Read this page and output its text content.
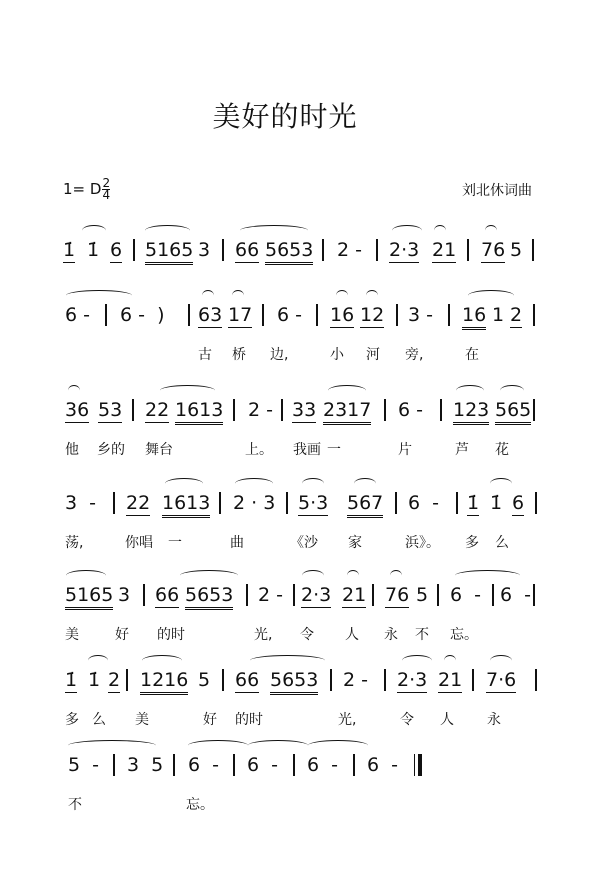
美好的时光
1= D $\frac{2}{4}$	刘北休词曲
1̇ 1̇ 6 5165 3 66 5653 2 - 2·3 21 76 5
6 - 6 -  ) 63 17 6 - 16 12 3 - 16 1 2
古 桥 边,	小 河 旁,	在
36 53 22 1613 2 - 33 2317 6 - 123 565
他 乡的 舞台	上。 我画 一	片	芦 花
3  - 22 1613 2 · 3 5·3 567 6  - 1̇ 1̇ 6
荡,	你唱 一	曲	《沙 家	浜》。 多 么
5165 3 66 5653 2 - 2·3 21 76 5 6  - 6  -
美	好 的时	光, 令 人 永 不 忘。
1̇ 1̇ 2 1216 5 66 5653 2 - 2·3 21 7·6
多 么 美	好 的时	光,	令 人 永
5  - 3  5 6  - 6  - 6  - 6  -
不	忘。
